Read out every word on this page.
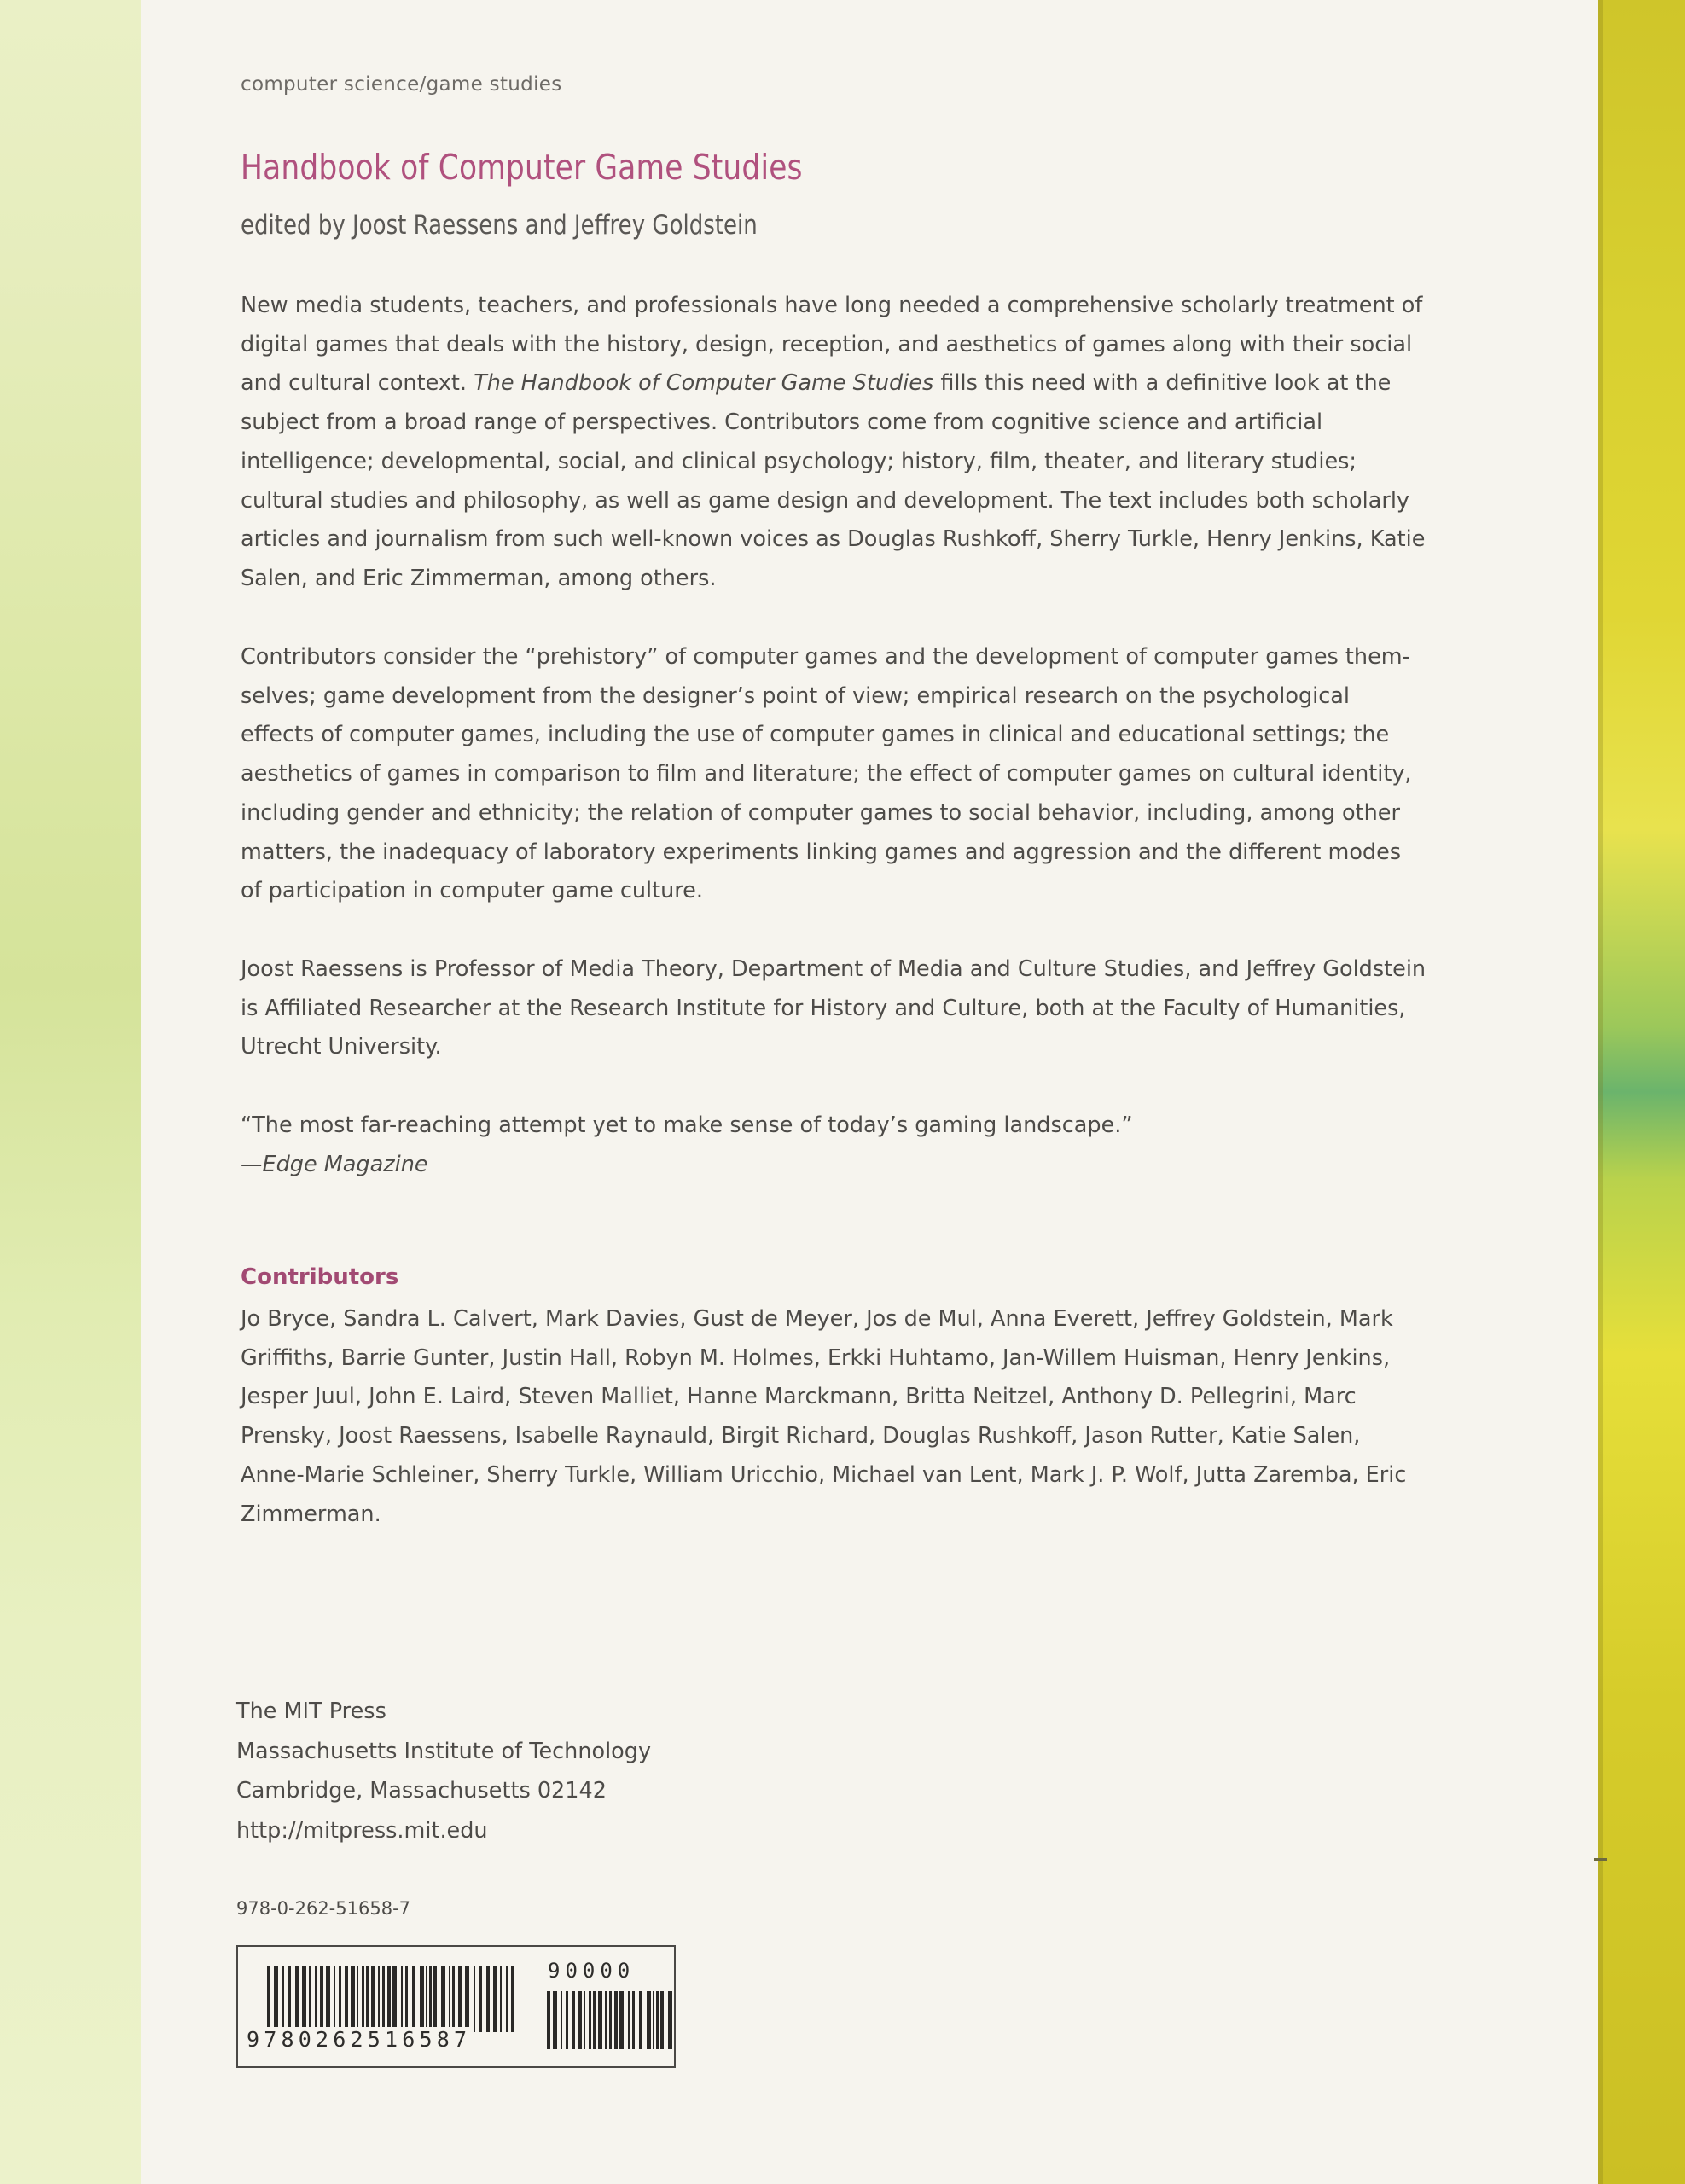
computer science/game studies

Handbook of Computer Game Studies

edited by Joost Raessens and Jeffrey Goldstein

New media students, teachers, and professionals have long needed a comprehensive scholarly treatment of digital games that deals with the history, design, reception, and aesthetics of games along with their social and cultural context. The Handbook of Computer Game Studies fills this need with a definitive look at the subject from a broad range of perspectives. Contributors come from cognitive science and artificial intelligence; developmental, social, and clinical psychology; history, film, theater, and literary studies; cultural studies and philosophy, as well as game design and development. The text includes both scholarly articles and journalism from such well-known voices as Douglas Rushkoff, Sherry Turkle, Henry Jenkins, Katie Salen, and Eric Zimmerman, among others.

Contributors consider the “prehistory” of computer games and the development of computer games themselves; game development from the designer’s point of view; empirical research on the psychological effects of computer games, including the use of computer games in clinical and educational settings; the aesthetics of games in comparison to film and literature; the effect of computer games on cultural identity, including gender and ethnicity; the relation of computer games to social behavior, including, among other matters, the inadequacy of laboratory experiments linking games and aggression and the different modes of participation in computer game culture.

Joost Raessens is Professor of Media Theory, Department of Media and Culture Studies, and Jeffrey Goldstein is Affiliated Researcher at the Research Institute for History and Culture, both at the Faculty of Humanities, Utrecht University.

“The most far-reaching attempt yet to make sense of today’s gaming landscape.”

—Edge Magazine

Contributors

Jo Bryce, Sandra L. Calvert, Mark Davies, Gust de Meyer, Jos de Mul, Anna Everett, Jeffrey Goldstein, Mark Griffiths, Barrie Gunter, Justin Hall, Robyn M. Holmes, Erkki Huhtamo, Jan-Willem Huisman, Henry Jenkins, Jesper Juul, John E. Laird, Steven Malliet, Hanne Marckmann, Britta Neitzel, Anthony D. Pellegrini, Marc Prensky, Joost Raessens, Isabelle Raynauld, Birgit Richard, Douglas Rushkoff, Jason Rutter, Katie Salen, Anne-Marie Schleiner, Sherry Turkle, William Uricchio, Michael van Lent, Mark J. P. Wolf, Jutta Zaremba, Eric Zimmerman.

The MIT Press
Massachusetts Institute of Technology
Cambridge, Massachusetts 02142
http://mitpress.mit.edu

978-0-262-51658-7

9780262516587
90000
